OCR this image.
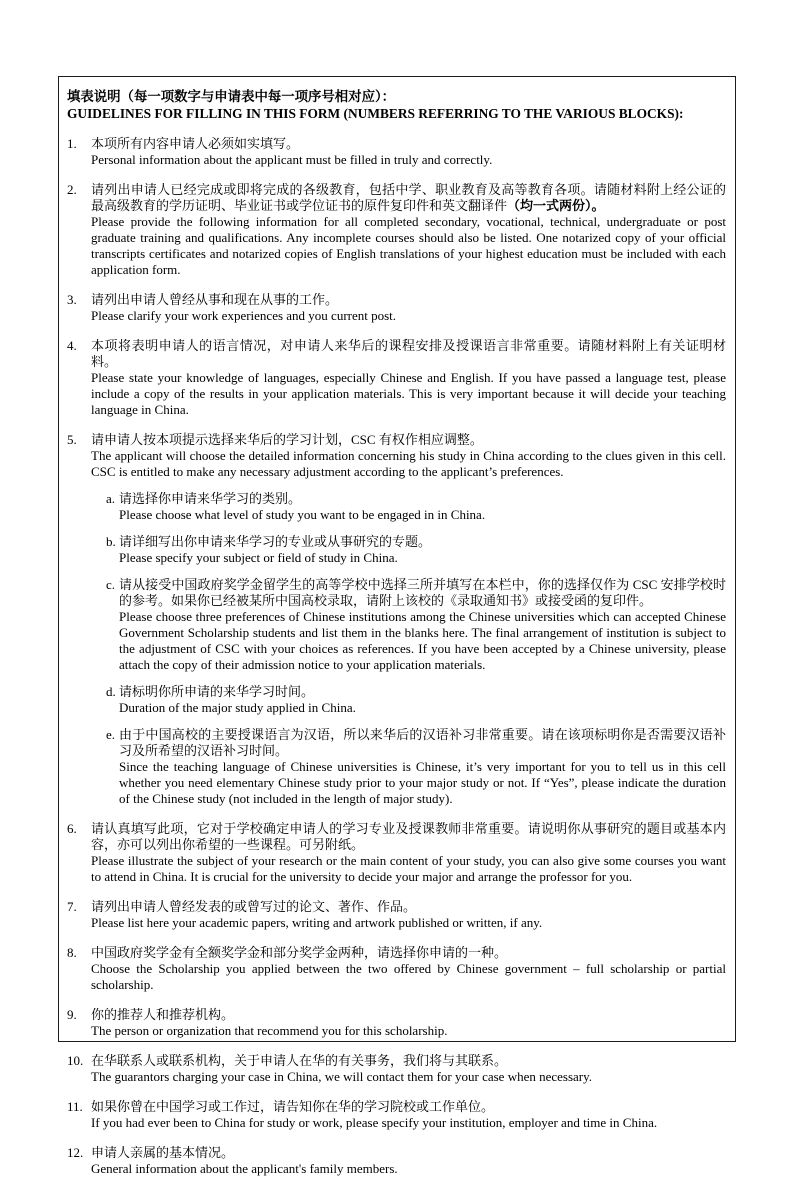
填表说明（每一项数字与申请表中每一项序号相对应）：

GUIDELINES FOR FILLING IN THIS FORM (NUMBERS REFERRING TO THE VARIOUS BLOCKS):

1.	本项所有内容申请人必须如实填写。

Personal information about the applicant must be filled in truly and correctly.

2.	请列出申请人已经完成或即将完成的各级教育，包括中学、职业教育及高等教育各项。请随材料附上经公证的最高级教育的学历证明、毕业证书或学位证书的原件复印件和英文翻译件（均一式两份）。

Please provide the following information for all completed secondary, vocational, technical, undergraduate or post graduate training and qualifications. Any incomplete courses should also be listed. One notarized copy of your official transcripts certificates and notarized copies of English translations of your highest education must be included with each application form.

3.	请列出申请人曾经从事和现在从事的工作。

Please clarify your work experiences and you current post.

4.	本项将表明申请人的语言情况，对申请人来华后的课程安排及授课语言非常重要。请随材料附上有关证明材料。

Please state your knowledge of languages, especially Chinese and English. If you have passed a language test, please include a copy of the results in your application materials. This is very important because it will decide your teaching language in China.

5.	请申请人按本项提示选择来华后的学习计划，CSC 有权作相应调整。

The applicant will choose the detailed information concerning his study in China according to the clues given in this cell. CSC is entitled to make any necessary adjustment according to the applicant’s preferences.

a. 请选择你申请来华学习的类别。

Please choose what level of study you want to be engaged in in China.

b. 请详细写出你申请来华学习的专业或从事研究的专题。

Please specify your subject or field of study in China.

c. 请从接受中国政府奖学金留学生的高等学校中选择三所并填写在本栏中，你的选择仅作为 CSC 安排学校时的参考。如果你已经被某所中国高校录取，请附上该校的《录取通知书》或接受函的复印件。

Please choose three preferences of Chinese institutions among the Chinese universities which can accepted Chinese Government Scholarship students and list them in the blanks here. The final arrangement of institution is subject to the adjustment of CSC with your choices as references. If you have been accepted by a Chinese university, please attach the copy of their admission notice to your application materials.

d. 请标明你所申请的来华学习时间。

Duration of the major study applied in China.

e. 由于中国高校的主要授课语言为汉语，所以来华后的汉语补习非常重要。请在该项标明你是否需要汉语补习及所希望的汉语补习时间。

Since the teaching language of Chinese universities is Chinese, it’s very important for you to tell us in this cell whether you need elementary Chinese study prior to your major study or not. If “Yes”, please indicate the duration of the Chinese study (not included in the length of major study).

6.	请认真填写此项，它对于学校确定申请人的学习专业及授课教师非常重要。请说明你从事研究的题目或基本内容，亦可以列出你希望的一些课程。可另附纸。

Please illustrate the subject of your research or the main content of your study, you can also give some courses you want to attend in China. It is crucial for the university to decide your major and arrange the professor for you.

7.	请列出申请人曾经发表的或曾写过的论文、著作、作品。

Please list here your academic papers, writing and artwork published or written, if any.

8.	中国政府奖学金有全额奖学金和部分奖学金两种，请选择你申请的一种。

Choose the Scholarship you applied between the two offered by Chinese government – full scholarship or partial scholarship.

9.	你的推荐人和推荐机构。

The person or organization that recommend you for this scholarship.

10. 在华联系人或联系机构，关于申请人在华的有关事务，我们将与其联系。

The guarantors charging your case in China, we will contact them for your case when necessary.

11. 如果你曾在中国学习或工作过，请告知你在华的学习院校或工作单位。

If you had ever been to China for study or work, please specify your institution, employer and time in China.

12. 申请人亲属的基本情况。

General information about the applicant's family members.
